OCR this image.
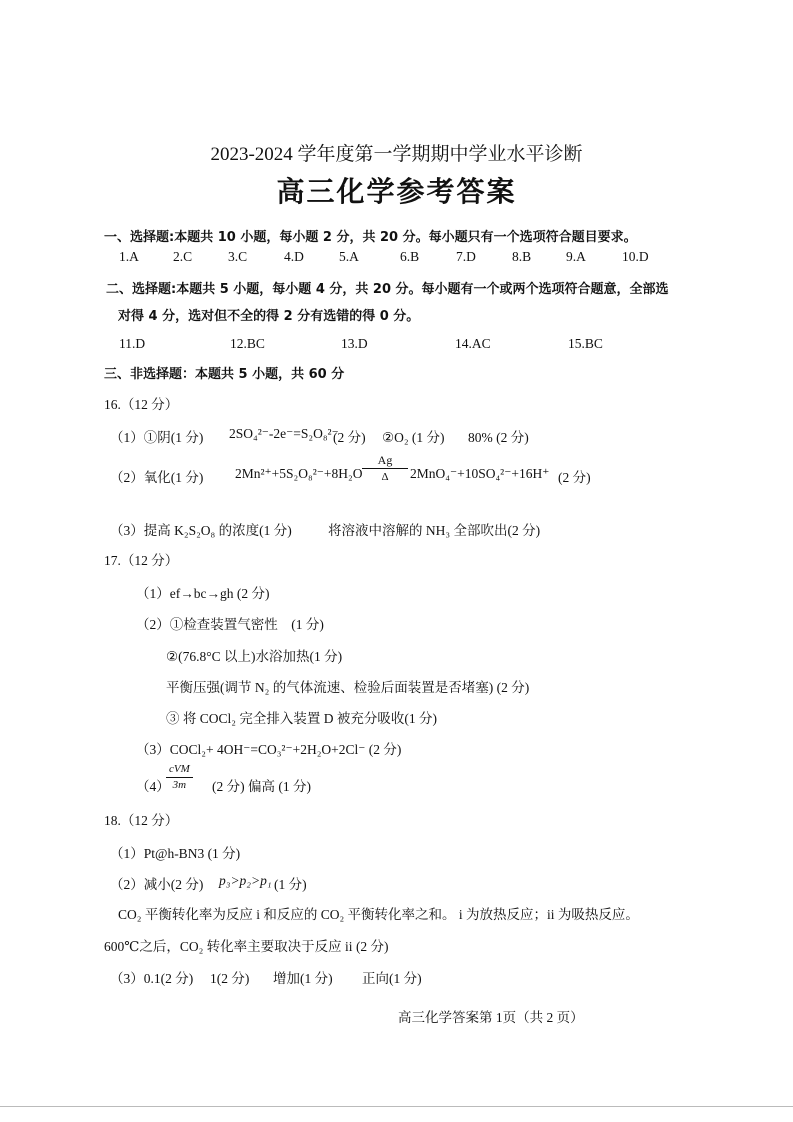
2023-2024 学年度第一学期期中学业水平诊断
高三化学参考答案
一、选择题:本题共 10 小题，每小题 2 分，共 20 分。每小题只有一个选项符合题目要求。
1.A	2.C	3.C	4.D	5.A	6.B	7.D	8.B	9.A	10.D
二、选择题:本题共 5 小题，每小题 4 分，共 20 分。每小题有一个或两个选项符合题意，全部选
对得 4 分，选对但不全的得 2 分有选错的得 0 分。
11.D	12.BC	13.D	14.AC	15.BC
三、非选择题：本题共 5 小题，共 60 分
16.（12 分）
（1）①阴(1 分) 2SO₄²⁻-2e⁻=S₂O₈²⁻
(2 分) ②O₂ (1 分) 80% (2 分)
（2）氧化(1 分) $2Mn^{2+}+5S_2O_8^{2-}+8H_2O \frac{Ag}{\Delta} 2MnO_4^-+10SO_4^{2-}+16H^+$ (2 分)
（3）提高 K₂S₂O₈ 的浓度(1 分)	将溶液中溶解的 NH₃ 全部吹出(2 分)
17.（12 分）
（1）ef→bc→gh (2 分)
（2）①检查装置气密性　(1 分)
②(76.8°C 以上)水浴加热(1 分)
平衡压强(调节 N₂ 的气体流速、检验后面装置是否堵塞) (2 分)
③ 将 COCl₂ 完全排入装置 D 被充分吸收(1 分)
（3）COCl₂+ 4OH⁻=CO₃²⁻+2H₂O+2Cl⁻ (2 分)
（4）
$\frac{\text{cVM}}{3m} (2$ 分) 偏高 (1 分)
18.（12 分）
（1）Pt@h-BN3 (1 分)
（2）减小(2 分) p₃>p₂>p₁ (1 分)
CO₂ 平衡转化率为反应 i 和反应的 CO₂ 平衡转化率之和。 i 为放热反应；ii 为吸热反应。
600℃之后，CO₂ 转化率主要取决于反应 ii (2 分)
（3）0.1(2 分) 1(2 分) 增加(1 分) 正向(1 分)
高三化学答案第 1页（共 2 页）
